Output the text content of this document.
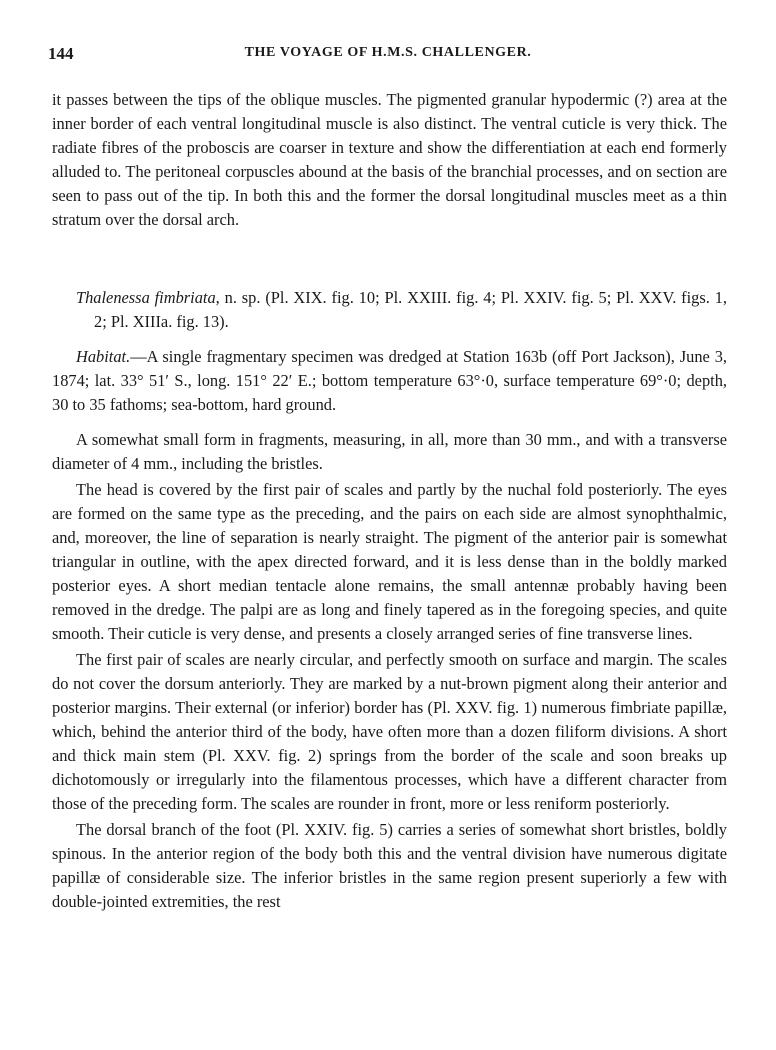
144	THE VOYAGE OF H.M.S. CHALLENGER.

it passes between the tips of the oblique muscles. The pigmented granular hypodermic (?) area at the inner border of each ventral longitudinal muscle is also distinct. The ventral cuticle is very thick. The radiate fibres of the proboscis are coarser in texture and show the differentiation at each end formerly alluded to. The peritoneal corpuscles abound at the basis of the branchial processes, and on section are seen to pass out of the tip. In both this and the former the dorsal longitudinal muscles meet as a thin stratum over the dorsal arch.

Thalenessa fimbriata, n. sp. (Pl. XIX. fig. 10; Pl. XXIII. fig. 4; Pl. XXIV. fig. 5; Pl. XXV. figs. 1, 2; Pl. XIIIa. fig. 13).

Habitat.—A single fragmentary specimen was dredged at Station 163b (off Port Jackson), June 3, 1874; lat. 33° 51′ S., long. 151° 22′ E.; bottom temperature 63°·0, surface temperature 69°·0; depth, 30 to 35 fathoms; sea-bottom, hard ground.

A somewhat small form in fragments, measuring, in all, more than 30 mm., and with a transverse diameter of 4 mm., including the bristles.

The head is covered by the first pair of scales and partly by the nuchal fold posteriorly. The eyes are formed on the same type as the preceding, and the pairs on each side are almost synophthalmic, and, moreover, the line of separation is nearly straight. The pigment of the anterior pair is somewhat triangular in outline, with the apex directed forward, and it is less dense than in the boldly marked posterior eyes. A short median tentacle alone remains, the small antennæ probably having been removed in the dredge. The palpi are as long and finely tapered as in the foregoing species, and quite smooth. Their cuticle is very dense, and presents a closely arranged series of fine transverse lines.

The first pair of scales are nearly circular, and perfectly smooth on surface and margin. The scales do not cover the dorsum anteriorly. They are marked by a nut-brown pigment along their anterior and posterior margins. Their external (or inferior) border has (Pl. XXV. fig. 1) numerous fimbriate papillæ, which, behind the anterior third of the body, have often more than a dozen filiform divisions. A short and thick main stem (Pl. XXV. fig. 2) springs from the border of the scale and soon breaks up dichotomously or irregularly into the filamentous processes, which have a different character from those of the preceding form. The scales are rounder in front, more or less reniform posteriorly.

The dorsal branch of the foot (Pl. XXIV. fig. 5) carries a series of somewhat short bristles, boldly spinous. In the anterior region of the body both this and the ventral division have numerous digitate papillæ of considerable size. The inferior bristles in the same region present superiorly a few with double-jointed extremities, the rest
